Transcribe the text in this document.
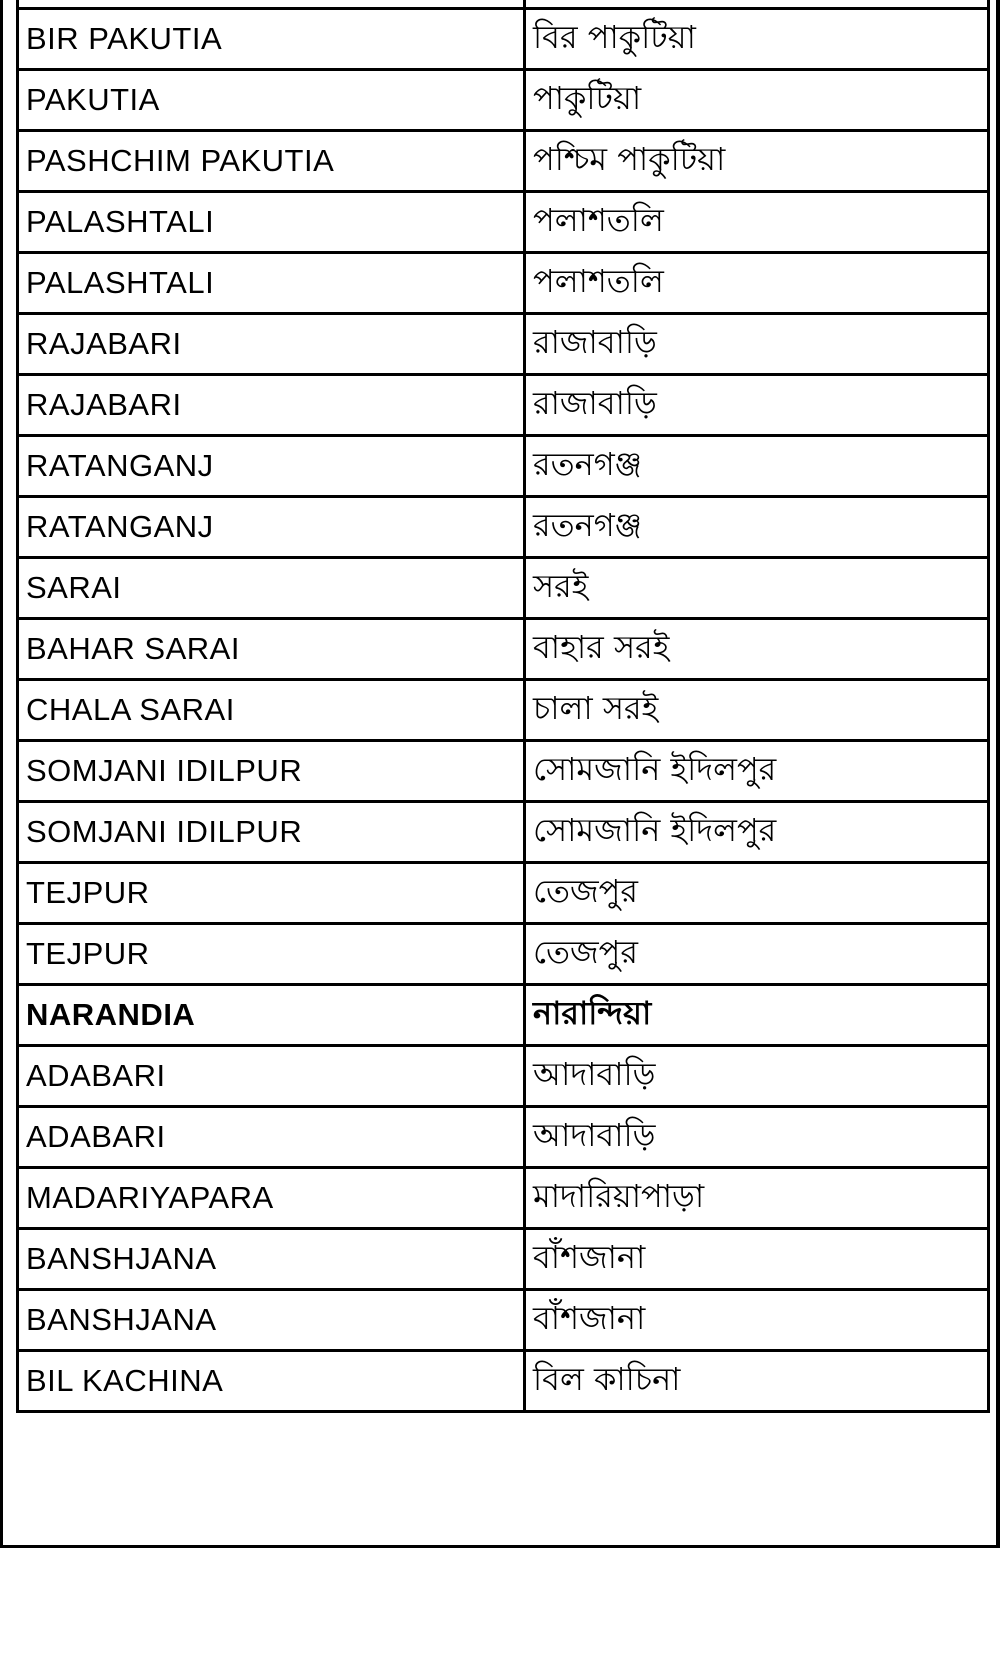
BIR PAKUTIA	বির পাকুটিয়া
PAKUTIA	পাকুটিয়া
PASHCHIM PAKUTIA	পশ্চিম পাকুটিয়া
PALASHTALI	পলাশতলি
PALASHTALI	পলাশতলি
RAJABARI	রাজাবাড়ি
RAJABARI	রাজাবাড়ি
RATANGANJ	রতনগঞ্জ
RATANGANJ	রতনগঞ্জ
SARAI	সরই
BAHAR SARAI	বাহার সরই
CHALA SARAI	চালা সরই
SOMJANI IDILPUR	সোমজানি ইদিলপুর
SOMJANI IDILPUR	সোমজানি ইদিলপুর
TEJPUR	তেজপুর
TEJPUR	তেজপুর
NARANDIA	নারান্দিয়া
ADABARI	আদাবাড়ি
ADABARI	আদাবাড়ি
MADARIYAPARA	মাদারিয়াপাড়া
BANSHJANA	বাঁশজানা
BANSHJANA	বাঁশজানা
BIL KACHINA	বিল কাচিনা
